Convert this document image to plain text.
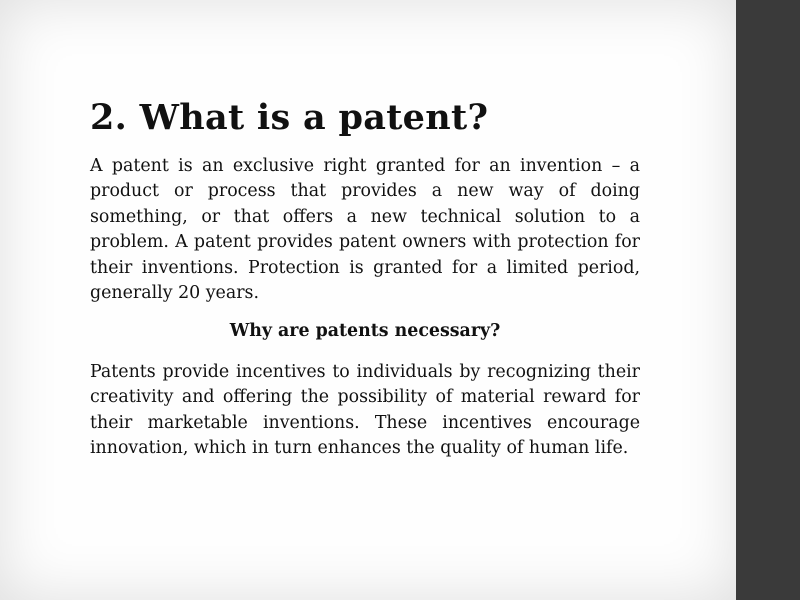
2. What is a patent?

A patent is an exclusive right granted for an invention – a product or process that provides a new way of doing something, or that offers a new technical solution to a problem. A patent provides patent owners with protection for their inventions. Protection is granted for a limited period, generally 20 years.

Why are patents necessary?

Patents provide incentives to individuals by recognizing their creativity and offering the possibility of material reward for their marketable inventions. These incentives encourage innovation, which in turn enhances the quality of human life.
